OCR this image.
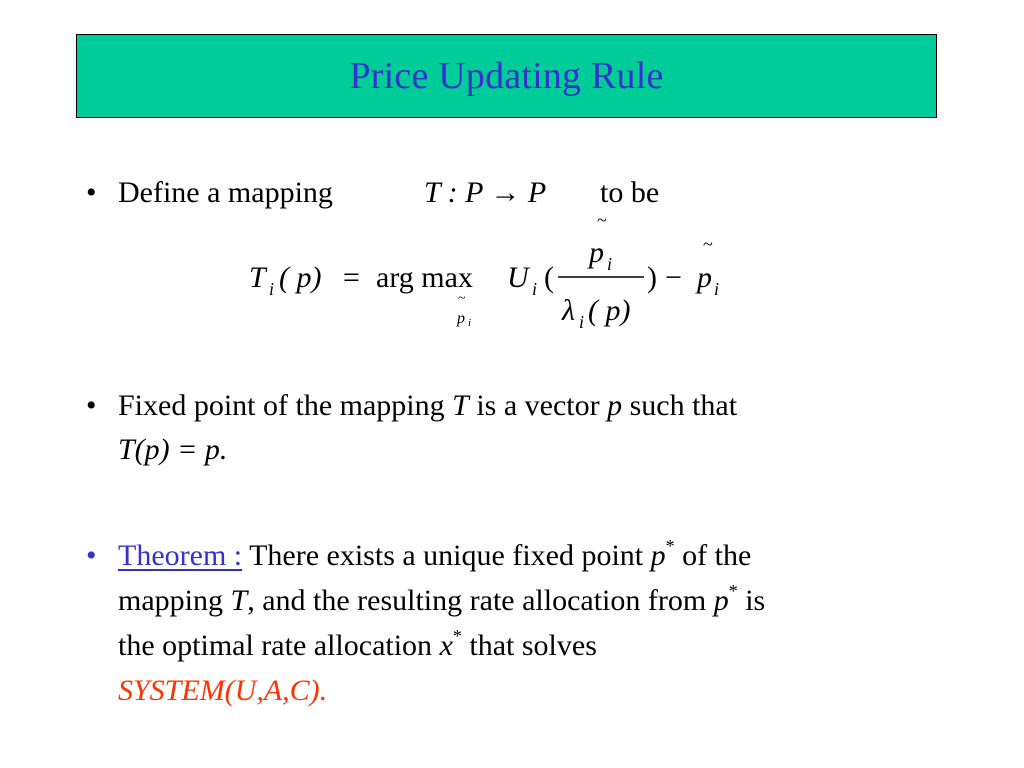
Price Updating Rule
• Define a mapping	T : P → P to be
T i ( p) = arg max
~
p i
U i (
~
p i
λ i ( p)
) −
~
p i
• Fixed point of the mapping T is a vector p such that
T(p) = p.
• Theorem : There exists a unique fixed point p* of the
mapping T, and the resulting rate allocation from p* is
the optimal rate allocation x* that solves
SYSTEM(U,A,C).
